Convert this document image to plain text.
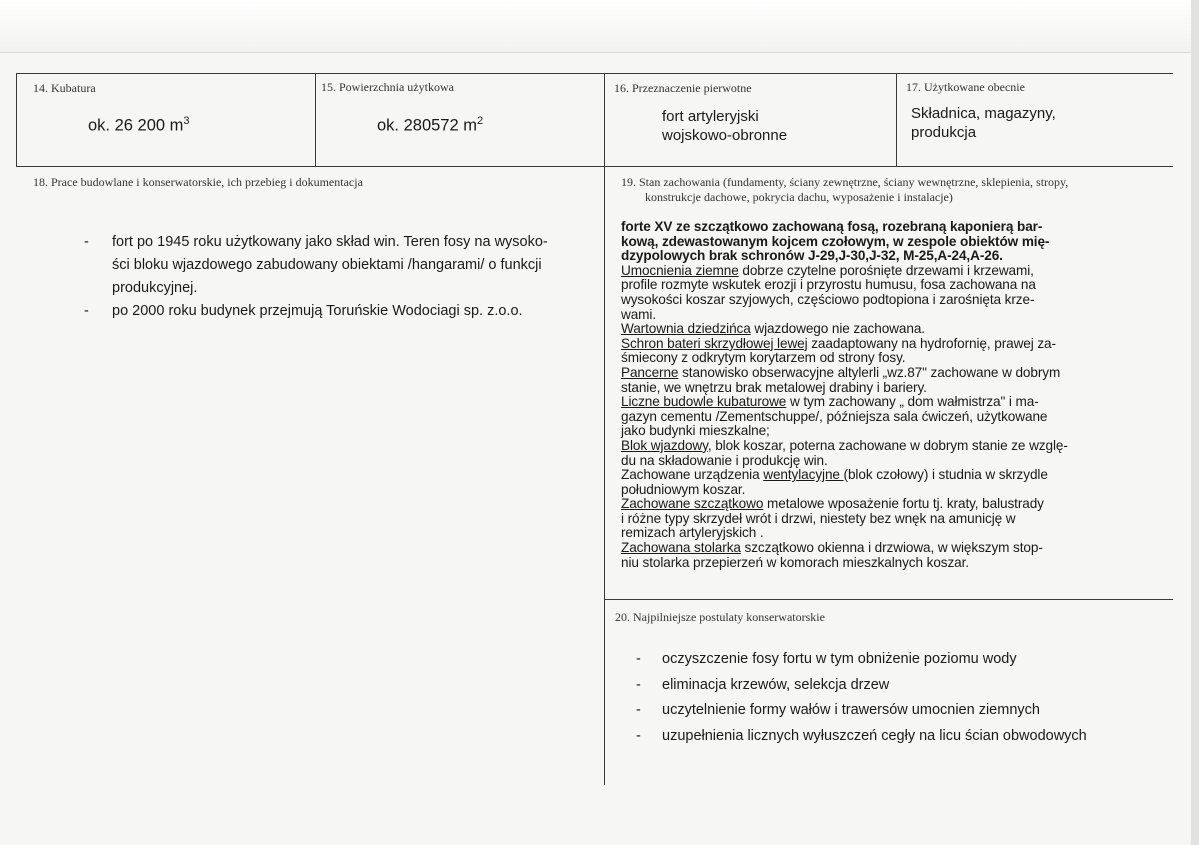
14. Kubatura
ok. 26 200 $m^3$
15. Powierzchnia użytkowa
ok. 280572 $m^2$
16. Przeznaczenie pierwotne
fort artyleryjski
wojskowo-obronne
17. Użytkowane obecnie
Składnica, magazyny,
produkcja
18. Prace budowlane i konserwatorskie, ich przebieg i dokumentacja
- fort po 1945 roku użytkowany jako skład win. Teren fosy na wysoko-
ści bloku wjazdowego zabudowany obiektami /hangarami/ o funkcji
produkcyjnej.
- po 2000 roku budynek przejmują Toruńskie Wodociagi sp. z.o.o.
19. Stan zachowania (fundamenty, ściany zewnętrzne, ściany wewnętrzne, sklepienia, stropy,
konstrukcje dachowe, pokrycia dachu, wyposażenie i instalacje)
forte XV ze szczątkowo zachowaną fosą, rozebraną kaponierą bar-
kową, zdewastowanym kojcem czołowym, w zespole obiektów mię-
dzypolowych brak schronów J-29,J-30,J-32, M-25,A-24,A-26.
Umocnienia ziemne dobrze czytelne porośnięte drzewami i krzewami,
profile rozmyte wskutek erozji i przyrostu humusu, fosa zachowana na
wysokości koszar szyjowych, częściowo podtopiona i zarośnięta krze-
wami.
Wartownia dziedzińca wjazdowego nie zachowana.
Schron bateri skrzydłowej lewej zaadaptowany na hydrofornię, prawej za-
śmiecony z odkrytym korytarzem od strony fosy.
Pancerne stanowisko obserwacyjne altylerli „wz.87" zachowane w dobrym
stanie, we wnętrzu brak metalowej drabiny i bariery.
Liczne budowle kubaturowe w tym zachowany „ dom wałmistrza" i ma-
gazyn cementu /Zementschuppe/, późniejsza sala ćwiczeń, użytkowane
jako budynki mieszkalne;
Blok wjazdowy, blok koszar, poterna zachowane w dobrym stanie ze wzglę-
du na składowanie i produkcję win.
Zachowane urządzenia wentylacyjne (blok czołowy) i studnia w skrzydle
południowym koszar.
Zachowane szczątkowo metalowe wposażenie fortu tj. kraty, balustrady
i różne typy skrzydeł wrót i drzwi, niestety bez wnęk na amunicję w
remizach artyleryjskich .
Zachowana stolarka szczątkowo okienna i drzwiowa, w większym stop-
niu stolarka przepierzeń w komorach mieszkalnych koszar.
20. Najpilniejsze postulaty konserwatorskie
- oczyszczenie fosy fortu w tym obniżenie poziomu wody
- eliminacja krzewów, selekcja drzew
- uczytelnienie formy wałów i trawersów umocnien ziemnych
- uzupełnienia licznych wyłuszczeń cegły na licu ścian obwodowych
